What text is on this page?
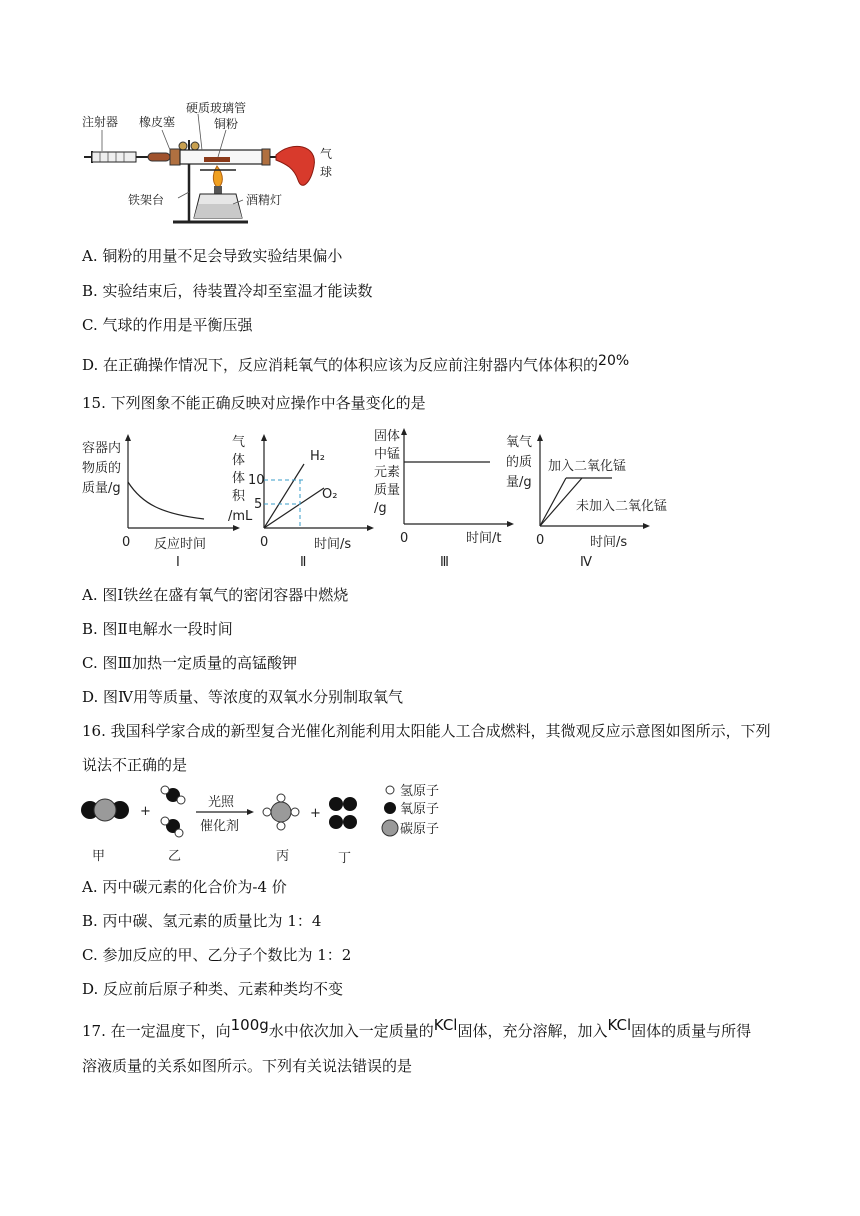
注射器 橡皮塞
硬质玻璃管
铜粉
气
球
铁架台	酒精灯
A. 铜粉的用量不足会导致实验结果偏小
B. 实验结束后，待装置冷却至室温才能读数
C. 气球的作用是平衡压强
D. 在正确操作情况下，反应消耗氧气的体积应该为反应前注射器内气体体积的20%
15. 下列图象不能正确反映对应操作中各量变化的是
容器内
物质的
质量/g
0 反应时间
Ⅰ
气
体
体
积
/mL
10
5
H₂
O₂
0	时间/s
Ⅱ
固体
中锰
元素
质量
/g
0	时间/t
Ⅲ
氧气
的质
量/g
加入二氧化锰
未加入二氧化锰
0	时间/s
Ⅳ
A. 图Ⅰ铁丝在盛有氧气的密闭容器中燃烧
B. 图Ⅱ电解水一段时间
C. 图Ⅲ加热一定质量的高锰酸钾
D. 图Ⅳ用等质量、等浓度的双氧水分别制取氧气
16. 我国科学家合成的新型复合光催化剂能利用太阳能人工合成燃料，其微观反应示意图如图所示，下列
说法不正确的是
+
光照
催化剂
+
氢原子
氧原子
碳原子
甲	乙	丙	丁
A. 丙中碳元素的化合价为-4 价
B. 丙中碳、氢元素的质量比为 1：4
C. 参加反应的甲、乙分子个数比为 1：2
D. 反应前后原子种类、元素种类均不变
17. 在一定温度下，向100g水中依次加入一定质量的KCl固体，充分溶解，加入KCl固体的质量与所得
溶液质量的关系如图所示。下列有关说法错误的是
